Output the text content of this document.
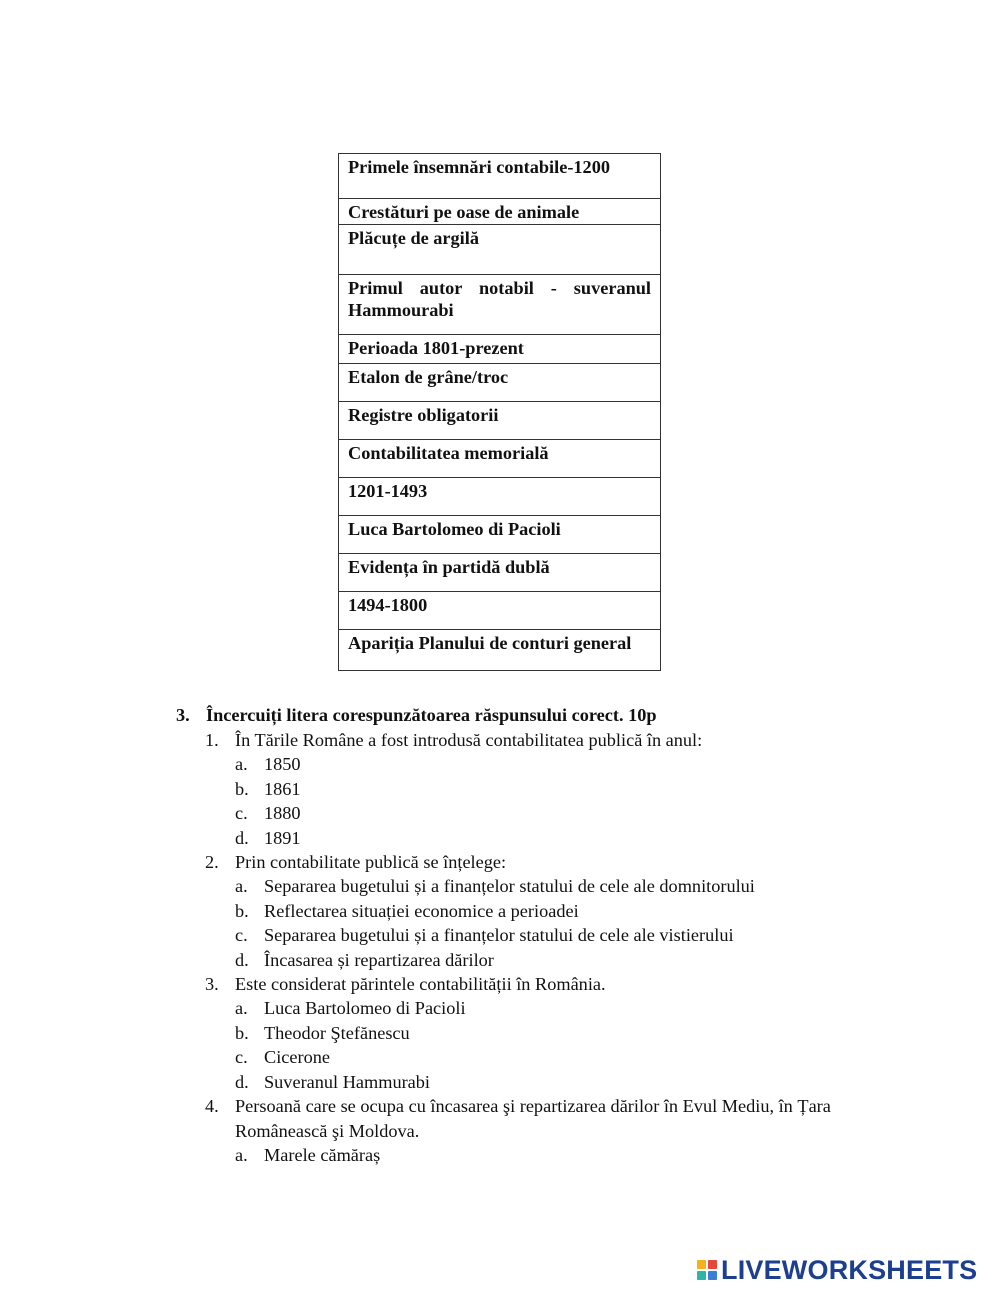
Primele însemnări contabile-1200
Crestături pe oase de animale
Plăcuțe de argilă
Primul autor notabil - suveranul Hammourabi
Perioada 1801-prezent
Etalon de grâne/troc
Registre obligatorii
Contabilitatea memorială
1201-1493
Luca Bartolomeo di Pacioli
Evidența în partidă dublă
1494-1800
Apariția Planului de conturi general
3. Încercuiți litera corespunzătoarea răspunsului corect. 10p
1. În Tările Române a fost introdusă contabilitatea publică în anul:
a. 1850
b. 1861
c. 1880
d. 1891
2. Prin contabilitate publică se înțelege:
a. Separarea bugetului și a finanțelor statului de cele ale domnitorului
b. Reflectarea situației economice a perioadei
c. Separarea bugetului și a finanțelor statului de cele ale vistierului
d. Încasarea și repartizarea dărilor
3. Este considerat părintele contabilității în România.
a. Luca Bartolomeo di Pacioli
b. Theodor Ştefănescu
c. Cicerone
d. Suveranul Hammurabi
4. Persoană care se ocupa cu încasarea şi repartizarea dărilor în Evul Mediu, în Țara Românească şi Moldova.
a. Marele cămăraș
LIVEWORKSHEETS
